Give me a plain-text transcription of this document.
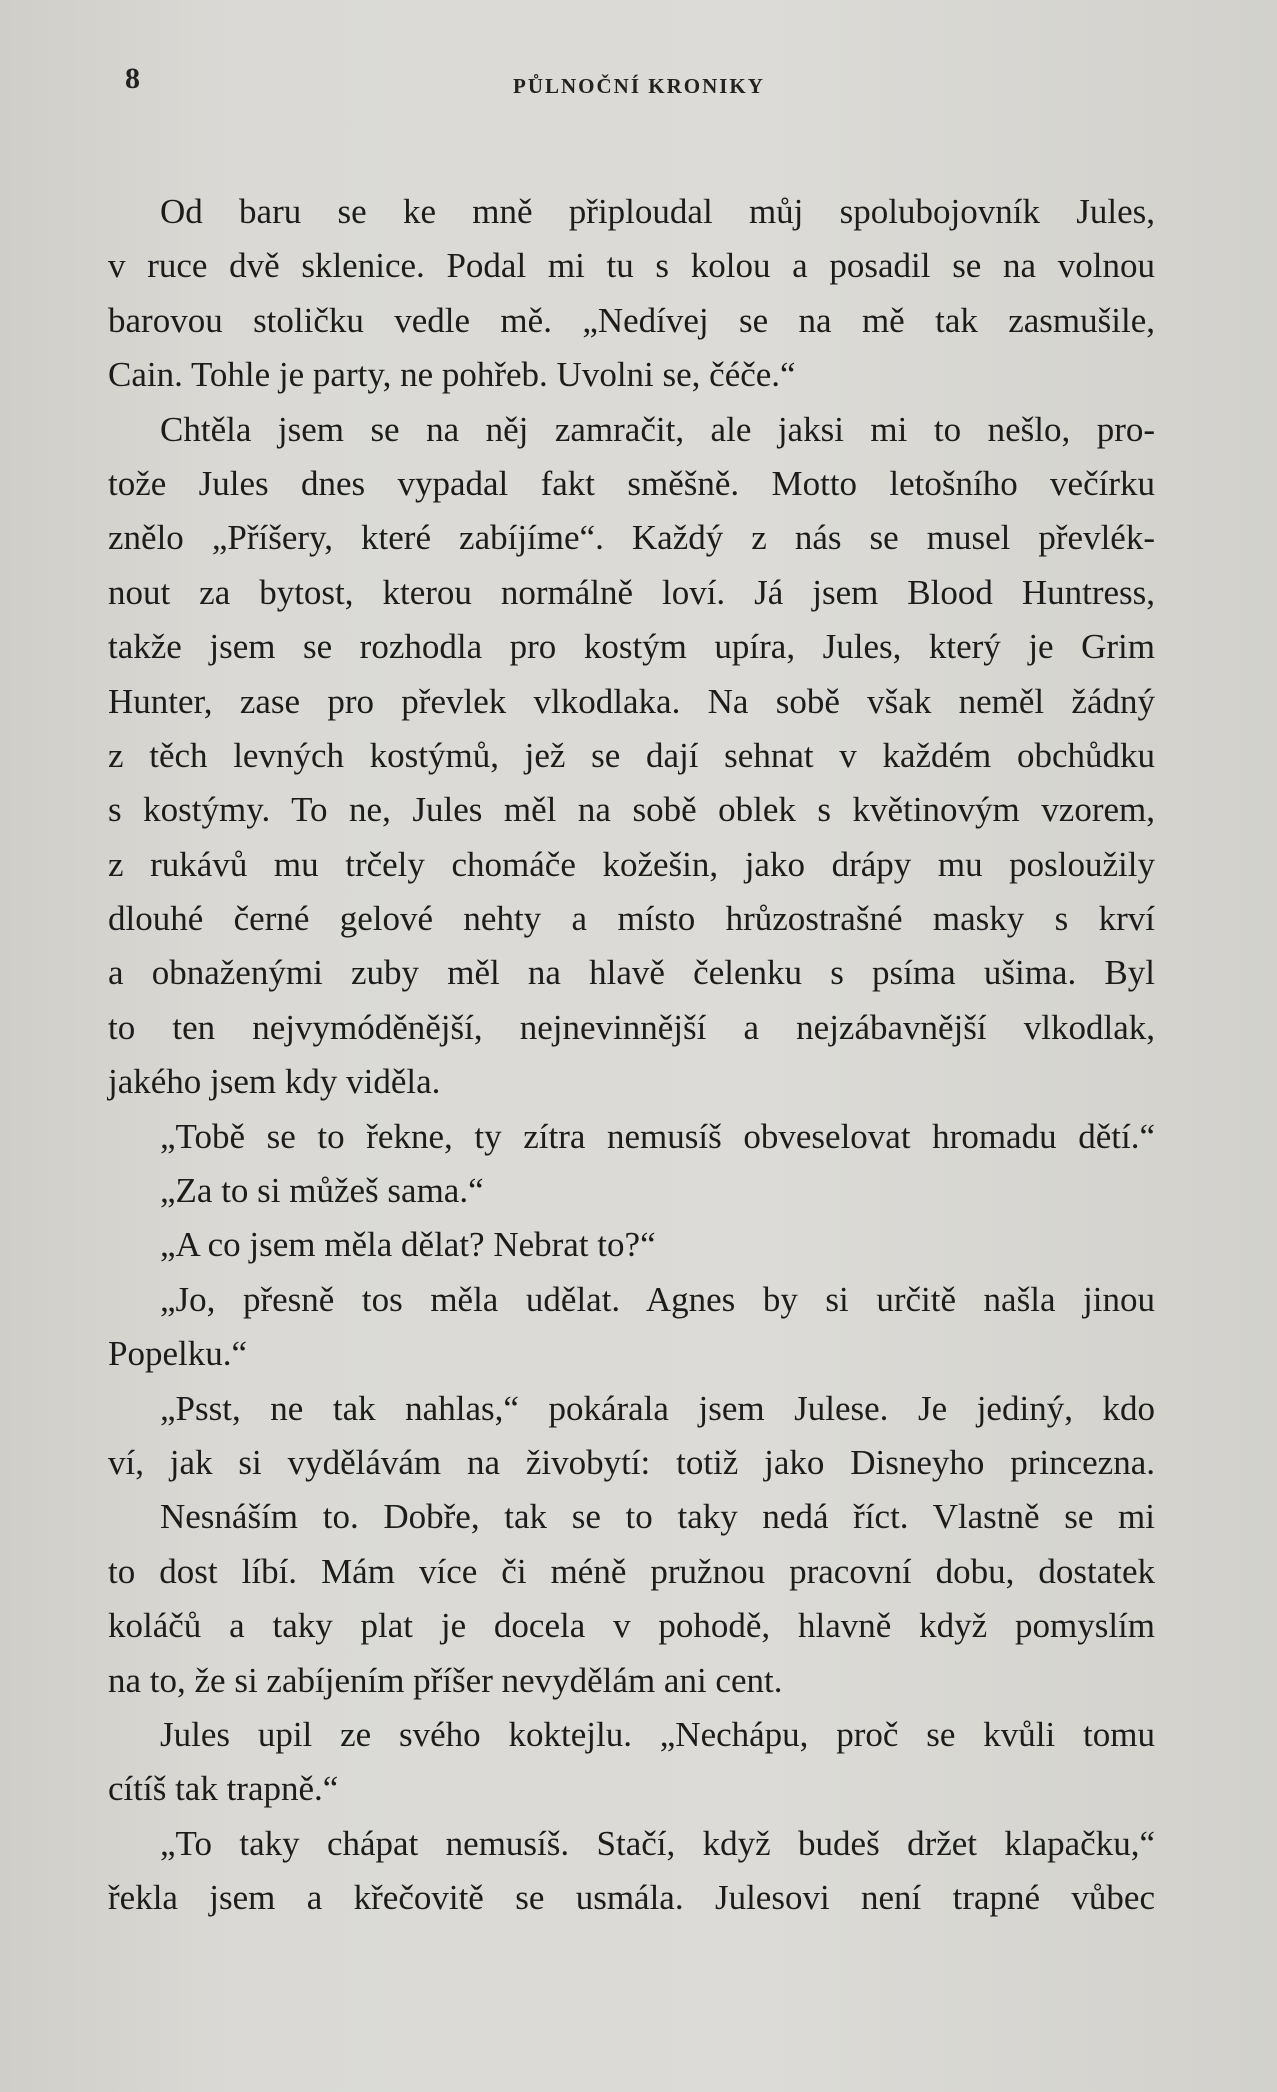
8	PŮLNOČNÍ KRONIKY
Od baru se ke mně připloudal můj spolubojovník Jules,
v ruce dvě sklenice. Podal mi tu s kolou a posadil se na volnou
barovou stoličku vedle mě. „Nedívej se na mě tak zasmušile,
Cain. Tohle je party, ne pohřeb. Uvolni se, čéče.“
Chtěla jsem se na něj zamračit, ale jaksi mi to nešlo, pro-
tože Jules dnes vypadal fakt směšně. Motto letošního večírku
znělo „Příšery, které zabíjíme“. Každý z nás se musel převlék-
nout za bytost, kterou normálně loví. Já jsem Blood Huntress,
takže jsem se rozhodla pro kostým upíra, Jules, který je Grim
Hunter, zase pro převlek vlkodlaka. Na sobě však neměl žádný
z těch levných kostýmů, jež se dají sehnat v každém obchůdku
s kostýmy. To ne, Jules měl na sobě oblek s květinovým vzorem,
z rukávů mu trčely chomáče kožešin, jako drápy mu posloužily
dlouhé černé gelové nehty a místo hrůzostrašné masky s krví
a obnaženými zuby měl na hlavě čelenku s psíma ušima. Byl
to ten nejvymóděnější, nejnevinnější a nejzábavnější vlkodlak,
jakého jsem kdy viděla.
„Tobě se to řekne, ty zítra nemusíš obveselovat hromadu dětí.“
„Za to si můžeš sama.“
„A co jsem měla dělat? Nebrat to?“
„Jo, přesně tos měla udělat. Agnes by si určitě našla jinou
Popelku.“
„Psst, ne tak nahlas,“ pokárala jsem Julese. Je jediný, kdo
ví, jak si vydělávám na živobytí: totiž jako Disneyho princezna.
Nesnáším to. Dobře, tak se to taky nedá říct. Vlastně se mi
to dost líbí. Mám více či méně pružnou pracovní dobu, dostatek
koláčů a taky plat je docela v pohodě, hlavně když pomyslím
na to, že si zabíjením příšer nevydělám ani cent.
Jules upil ze svého koktejlu. „Nechápu, proč se kvůli tomu
cítíš tak trapně.“
„To taky chápat nemusíš. Stačí, když budeš držet klapačku,“
řekla jsem a křečovitě se usmála. Julesovi není trapné vůbec
